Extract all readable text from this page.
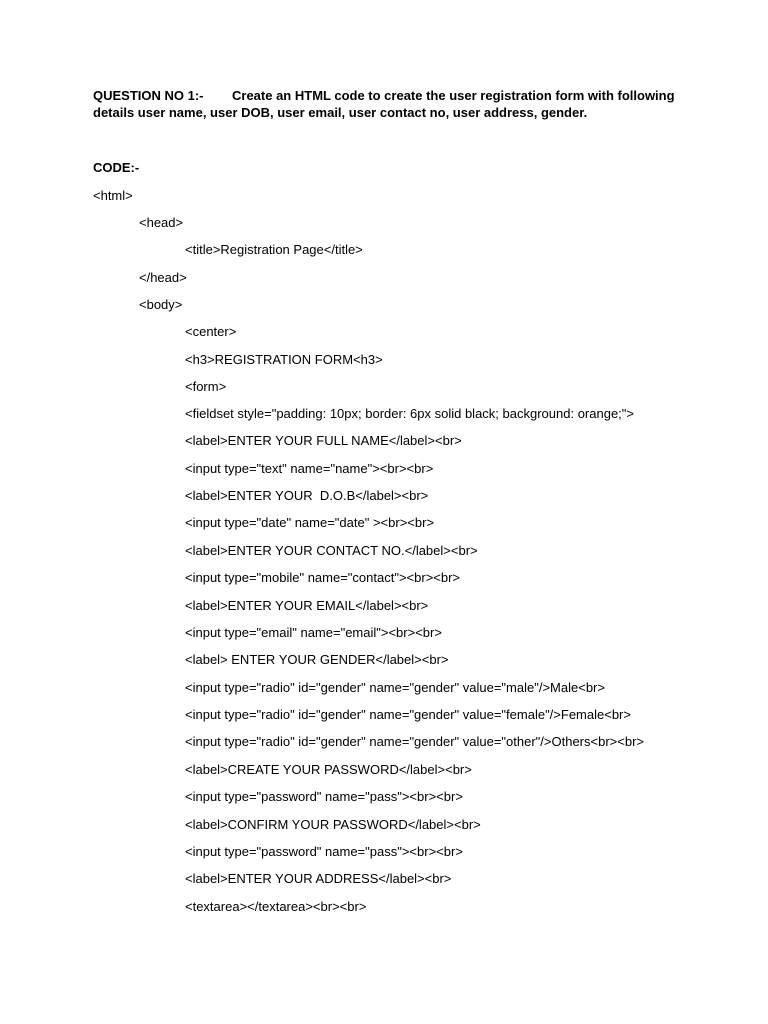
QUESTION NO 1:- Create an HTML code to create the user registration form with following
details user name, user DOB, user email, user contact no, user address, gender.
CODE:-
<html>
<head>
<title>Registration Page</title>
</head>
<body>
<center>
<h3>REGISTRATION FORM<h3>
<form>
<fieldset style="padding: 10px; border: 6px solid black; background: orange;">
<label>ENTER YOUR FULL NAME</label><br>
<input type="text" name="name"><br><br>
<label>ENTER YOUR  D.O.B</label><br>
<input type="date" name="date" ><br><br>
<label>ENTER YOUR CONTACT NO.</label><br>
<input type="mobile" name="contact"><br><br>
<label>ENTER YOUR EMAIL</label><br>
<input type="email" name="email"><br><br>
<label> ENTER YOUR GENDER</label><br>
<input type="radio" id="gender" name="gender" value="male"/>Male<br>
<input type="radio" id="gender" name="gender" value="female"/>Female<br>
<input type="radio" id="gender" name="gender" value="other"/>Others<br><br>
<label>CREATE YOUR PASSWORD</label><br>
<input type="password" name="pass"><br><br>
<label>CONFIRM YOUR PASSWORD</label><br>
<input type="password" name="pass"><br><br>
<label>ENTER YOUR ADDRESS</label><br>
<textarea></textarea><br><br>
